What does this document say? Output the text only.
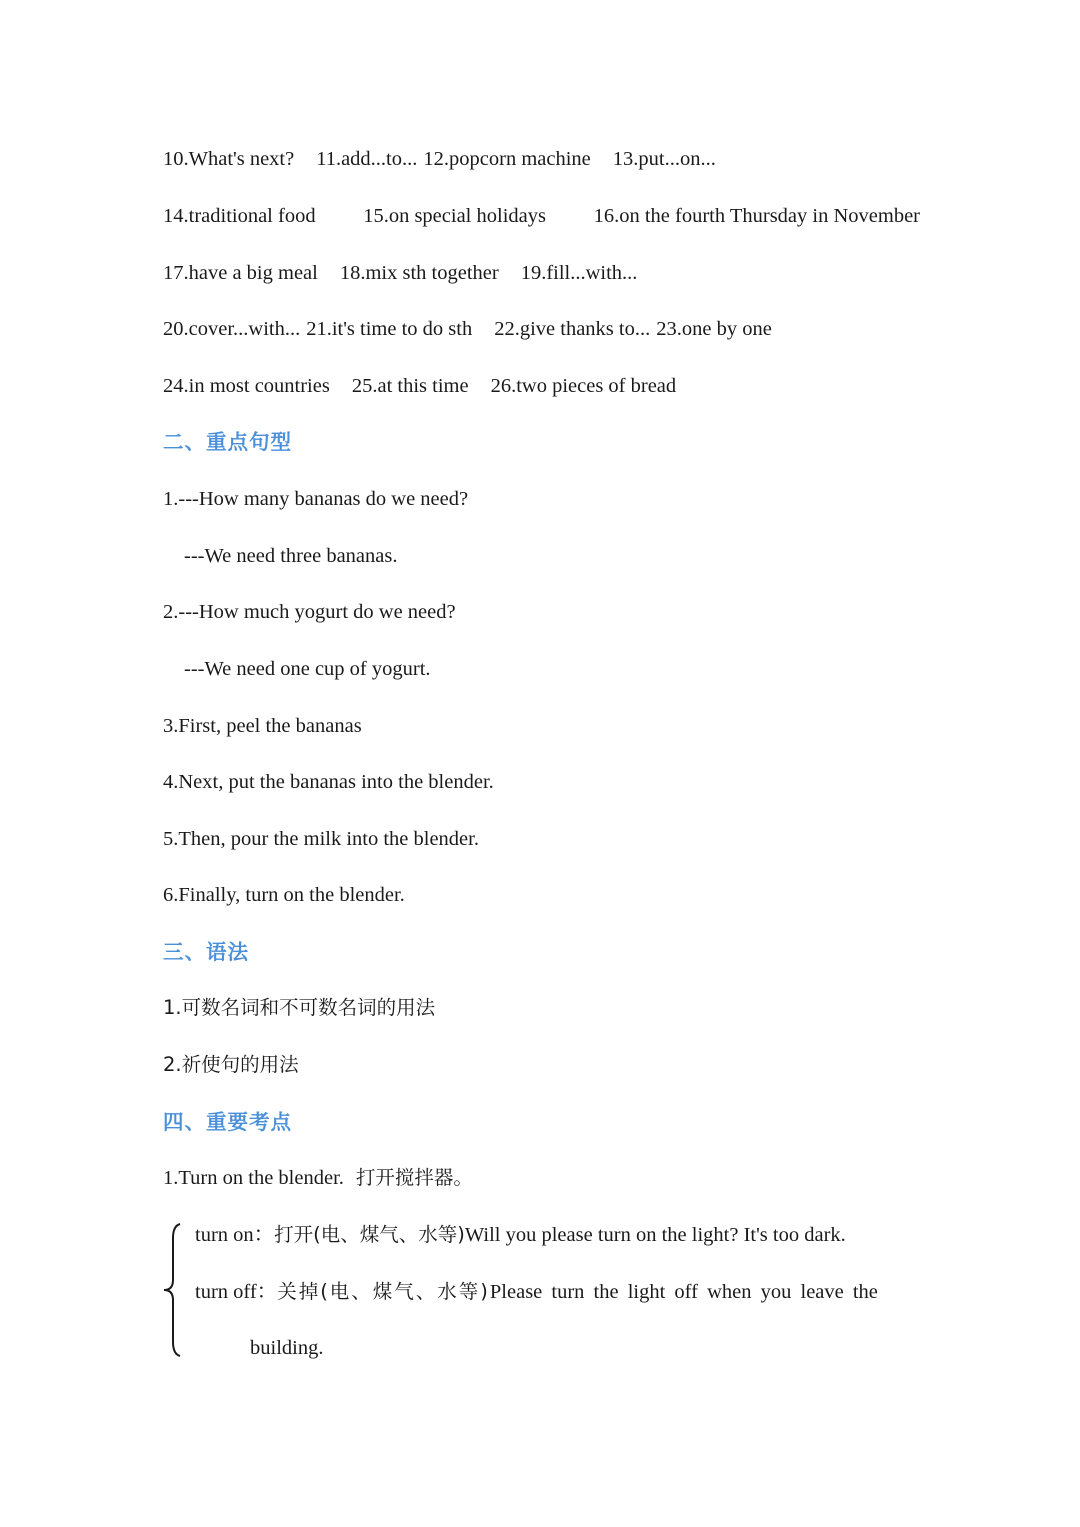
10.What's next? 11.add...to... 12.popcorn machine 13.put...on...
14.traditional food 15.on special holidays 16.on the fourth Thursday in November
17.have a big meal 18.mix sth together 19.fill...with...
20.cover...with... 21.it's time to do sth 22.give thanks to... 23.one by one
24.in most countries 25.at this time 26.two pieces of bread
二、重点句型
1.---How many bananas do we need?
---We need three bananas.
2.---How much yogurt do we need?
---We need one cup of yogurt.
3.First, peel the bananas
4.Next, put the bananas into the blender.
5.Then, pour the milk into the blender.
6.Finally, turn on the blender.
三、语法
1.可数名词和不可数名词的用法
2.祈使句的用法
四、重要考点
1.Turn on the blender. 打开搅拌器。
turn on：打开(电、煤气、水等)Will you please turn on the light? It's too dark.
turn off：关掉(电、煤气、水等)Please turn the light off when you leave the
building.
